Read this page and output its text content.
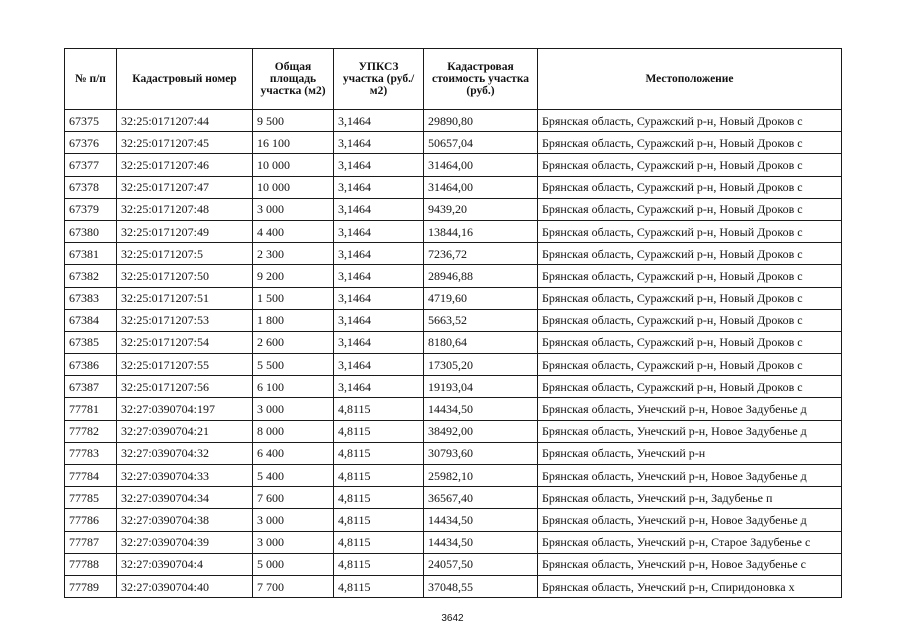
№ п/п	Кадастровый номер	Общая площадь участка (м2)	УПКСЗ участка (руб./м2)	Кадастровая стоимость участка (руб.)	Местоположение
67375	32:25:0171207:44	9 500	3,1464	29890,80	Брянская область, Суражский р-н, Новый Дроков с
67376	32:25:0171207:45	16 100	3,1464	50657,04	Брянская область, Суражский р-н, Новый Дроков с
67377	32:25:0171207:46	10 000	3,1464	31464,00	Брянская область, Суражский р-н, Новый Дроков с
67378	32:25:0171207:47	10 000	3,1464	31464,00	Брянская область, Суражский р-н, Новый Дроков с
67379	32:25:0171207:48	3 000	3,1464	9439,20	Брянская область, Суражский р-н, Новый Дроков с
67380	32:25:0171207:49	4 400	3,1464	13844,16	Брянская область, Суражский р-н, Новый Дроков с
67381	32:25:0171207:5	2 300	3,1464	7236,72	Брянская область, Суражский р-н, Новый Дроков с
67382	32:25:0171207:50	9 200	3,1464	28946,88	Брянская область, Суражский р-н, Новый Дроков с
67383	32:25:0171207:51	1 500	3,1464	4719,60	Брянская область, Суражский р-н, Новый Дроков с
67384	32:25:0171207:53	1 800	3,1464	5663,52	Брянская область, Суражский р-н, Новый Дроков с
67385	32:25:0171207:54	2 600	3,1464	8180,64	Брянская область, Суражский р-н, Новый Дроков с
67386	32:25:0171207:55	5 500	3,1464	17305,20	Брянская область, Суражский р-н, Новый Дроков с
67387	32:25:0171207:56	6 100	3,1464	19193,04	Брянская область, Суражский р-н, Новый Дроков с
77781	32:27:0390704:197	3 000	4,8115	14434,50	Брянская область, Унечский р-н, Новое Задубенье д
77782	32:27:0390704:21	8 000	4,8115	38492,00	Брянская область, Унечский р-н, Новое Задубенье д
77783	32:27:0390704:32	6 400	4,8115	30793,60	Брянская область, Унечский р-н
77784	32:27:0390704:33	5 400	4,8115	25982,10	Брянская область, Унечский р-н, Новое Задубенье д
77785	32:27:0390704:34	7 600	4,8115	36567,40	Брянская область, Унечский р-н, Задубенье п
77786	32:27:0390704:38	3 000	4,8115	14434,50	Брянская область, Унечский р-н, Новое Задубенье д
77787	32:27:0390704:39	3 000	4,8115	14434,50	Брянская область, Унечский р-н, Старое Задубенье с
77788	32:27:0390704:4	5 000	4,8115	24057,50	Брянская область, Унечский р-н, Новое Задубенье с
77789	32:27:0390704:40	7 700	4,8115	37048,55	Брянская область, Унечский р-н, Спиридоновка х
3642
